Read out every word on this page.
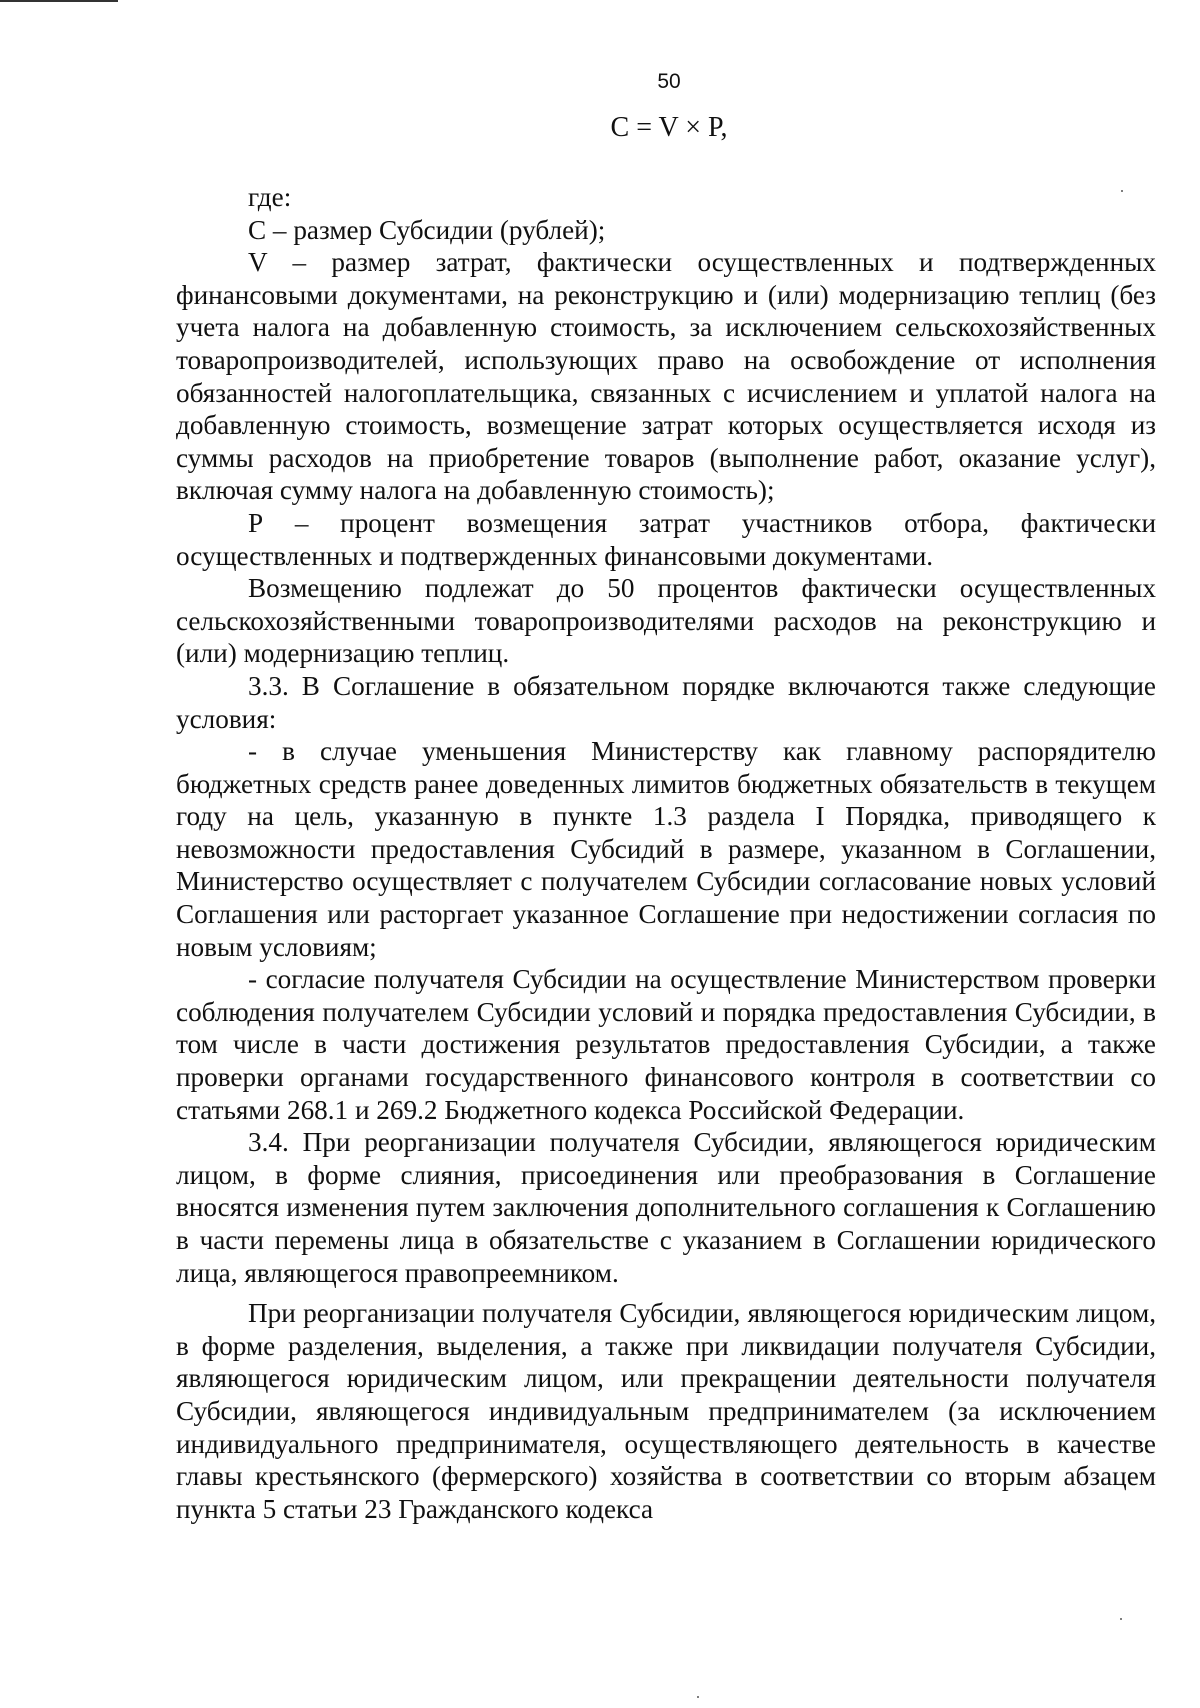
50
C = V × P,

где:

С – размер Субсидии (рублей);

V – размер затрат, фактически осуществленных и подтвержденных финансовыми документами, на реконструкцию и (или) модернизацию теплиц (без учета налога на добавленную стоимость, за исключением сельскохозяйственных товаропроизводителей, использующих право на освобождение от исполнения обязанностей налогоплательщика, связанных с исчислением и уплатой налога на добавленную стоимость, возмещение затрат которых осуществляется исходя из суммы расходов на приобретение товаров (выполнение работ, оказание услуг), включая сумму налога на добавленную стоимость);

Р – процент возмещения затрат участников отбора, фактически осуществленных и подтвержденных финансовыми документами.

Возмещению подлежат до 50 процентов фактически осуществленных сельскохозяйственными товаропроизводителями расходов на реконструкцию и (или) модернизацию теплиц.

3.3. В Соглашение в обязательном порядке включаются также следующие условия:

- в случае уменьшения Министерству как главному распорядителю бюджетных средств ранее доведенных лимитов бюджетных обязательств в текущем году на цель, указанную в пункте 1.3 раздела I Порядка, приводящего к невозможности предоставления Субсидий в размере, указанном в Соглашении, Министерство осуществляет с получателем Субсидии согласование новых условий Соглашения или расторгает указанное Соглашение при недостижении согласия по новым условиям;

- согласие получателя Субсидии на осуществление Министерством проверки соблюдения получателем Субсидии условий и порядка предоставления Субсидии, в том числе в части достижения результатов предоставления Субсидии, а также проверки органами государственного финансового контроля в соответствии со статьями 268.1 и 269.2 Бюджетного кодекса Российской Федерации.

3.4. При реорганизации получателя Субсидии, являющегося юридическим лицом, в форме слияния, присоединения или преобразования в Соглашение вносятся изменения путем заключения дополнительного соглашения к Соглашению в части перемены лица в обязательстве с указанием в Соглашении юридического лица, являющегося правопреемником.

При реорганизации получателя Субсидии, являющегося юридическим лицом, в форме разделения, выделения, а также при ликвидации получателя Субсидии, являющегося юридическим лицом, или прекращении деятельности получателя Субсидии, являющегося индивидуальным предпринимателем (за исключением индивидуального предпринимателя, осуществляющего деятельность в качестве главы крестьянского (фермерского) хозяйства в соответствии со вторым абзацем пункта 5 статьи 23 Гражданского кодекса
